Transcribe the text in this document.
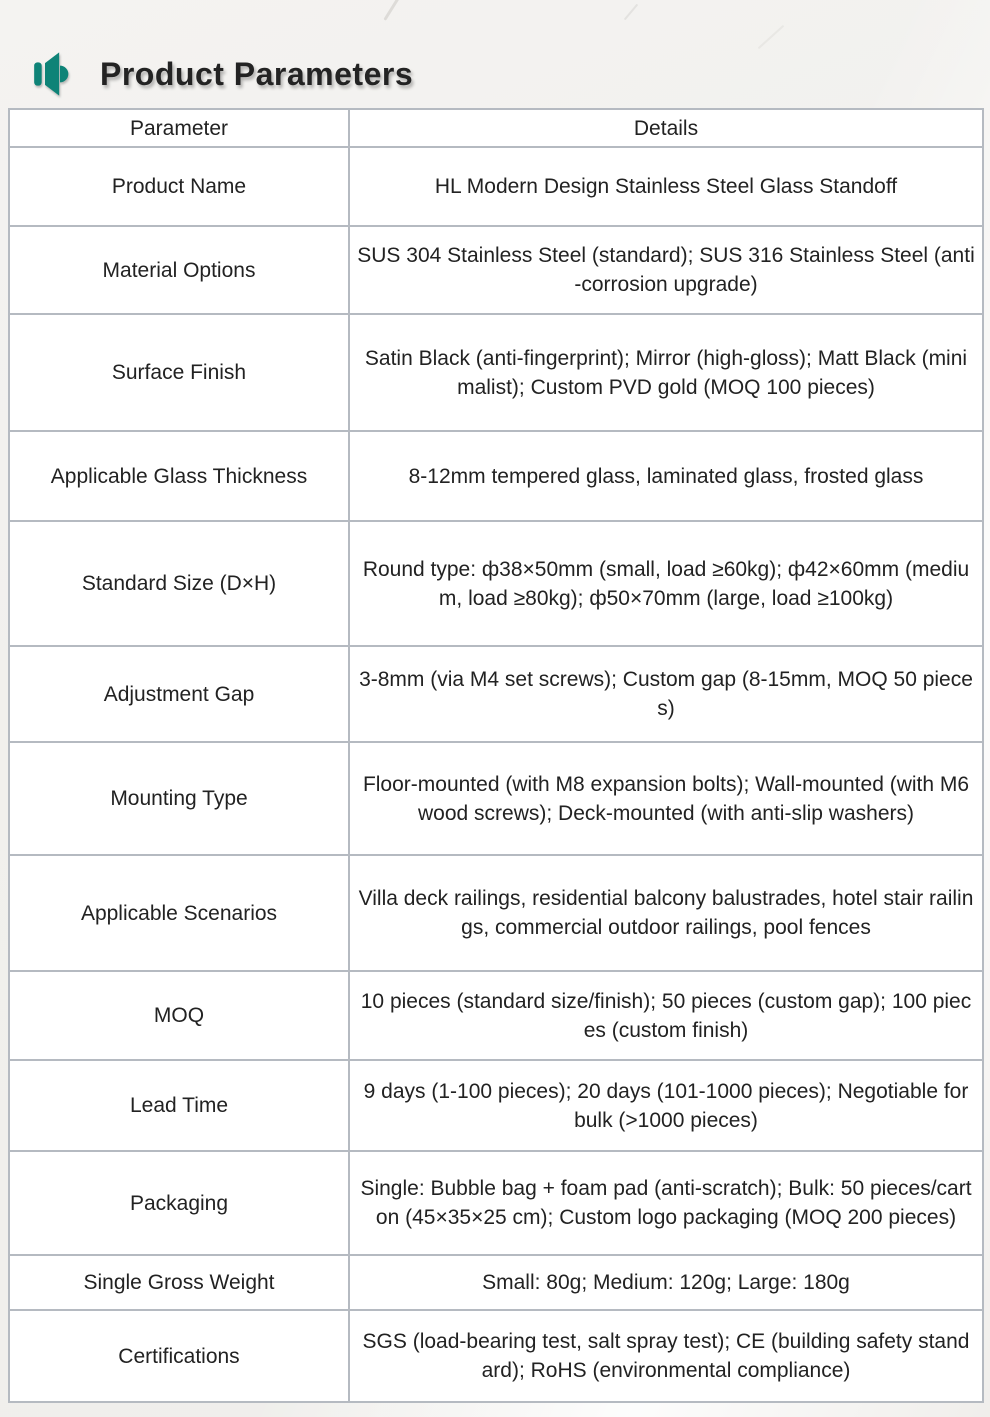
Product Parameters
Parameter	Details
Product Name	HL Modern Design Stainless Steel Glass Standoff
Material Options	SUS 304 Stainless Steel (standard); SUS 316 Stainless Steel (anti-corrosion upgrade)
Surface Finish	Satin Black (anti-fingerprint); Mirror (high-gloss); Matt Black (minimalist); Custom PVD gold (MOQ 100 pieces)
Applicable Glass Thickness	8-12mm tempered glass, laminated glass, frosted glass
Standard Size (D×H)	Round type: ф38×50mm (small, load ≥60kg); ф42×60mm (medium, load ≥80kg); ф50×70mm (large, load ≥100kg)
Adjustment Gap	3-8mm (via M4 set screws); Custom gap (8-15mm, MOQ 50 pieces)
Mounting Type	Floor-mounted (with M8 expansion bolts); Wall-mounted (with M6 wood screws); Deck-mounted (with anti-slip washers)
Applicable Scenarios	Villa deck railings, residential balcony balustrades, hotel stair railings, commercial outdoor railings, pool fences
MOQ	10 pieces (standard size/finish); 50 pieces (custom gap); 100 pieces (custom finish)
Lead Time	9 days (1-100 pieces); 20 days (101-1000 pieces); Negotiable for bulk (>1000 pieces)
Packaging	Single: Bubble bag + foam pad (anti-scratch); Bulk: 50 pieces/carton (45×35×25 cm); Custom logo packaging (MOQ 200 pieces)
Single Gross Weight	Small: 80g; Medium: 120g; Large: 180g
Certifications	SGS (load-bearing test, salt spray test); CE (building safety standard); RoHS (environmental compliance)
